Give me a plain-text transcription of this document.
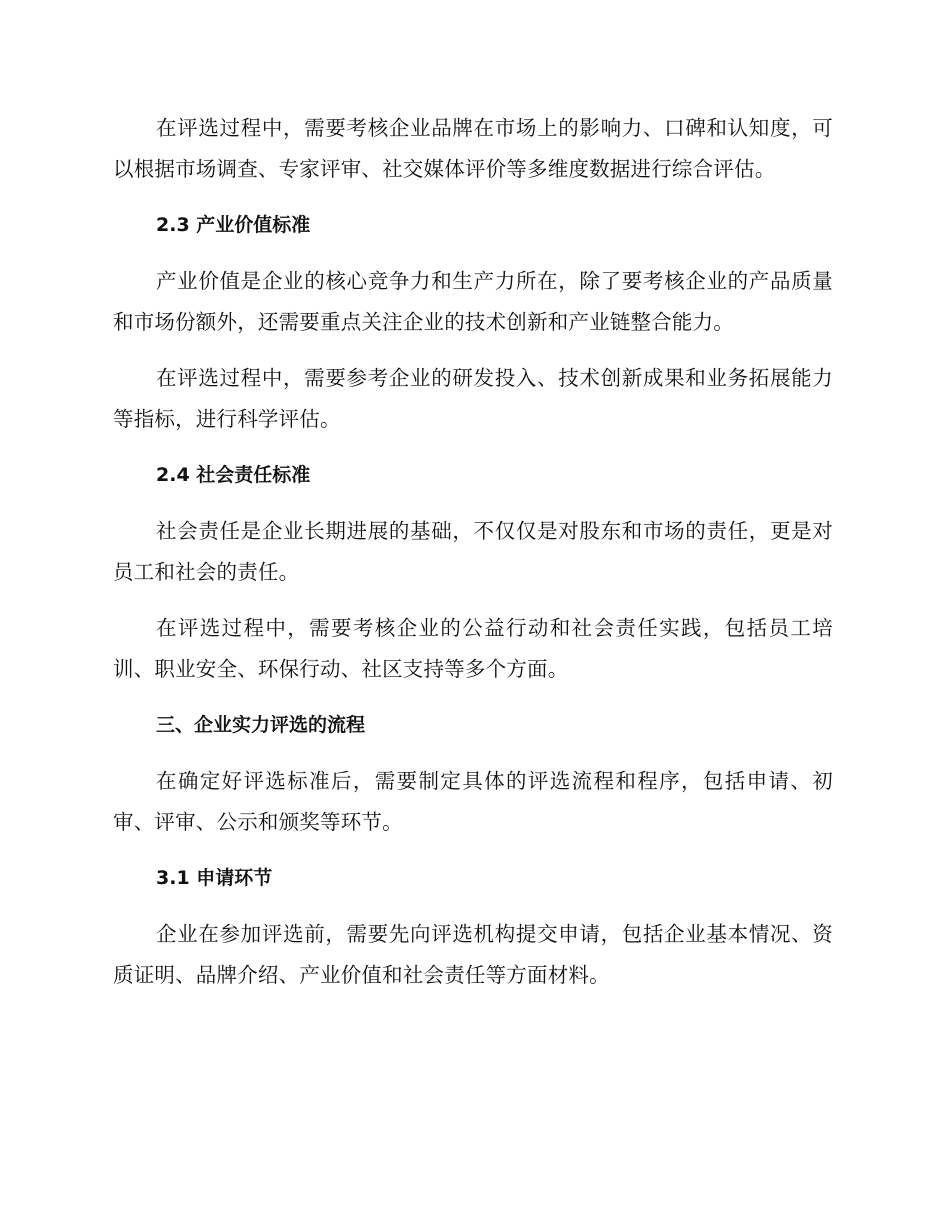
在评选过程中，需要考核企业品牌在市场上的影响力、口碑和认知度，可以根据市场调查、专家评审、社交媒体评价等多维度数据进行综合评估。

2.3 产业价值标准

产业价值是企业的核心竞争力和生产力所在，除了要考核企业的产品质量和市场份额外，还需要重点关注企业的技术创新和产业链整合能力。

在评选过程中，需要参考企业的研发投入、技术创新成果和业务拓展能力等指标，进行科学评估。

2.4 社会责任标准

社会责任是企业长期进展的基础，不仅仅是对股东和市场的责任，更是对员工和社会的责任。

在评选过程中，需要考核企业的公益行动和社会责任实践，包括员工培训、职业安全、环保行动、社区支持等多个方面。

三、企业实力评选的流程

在确定好评选标准后，需要制定具体的评选流程和程序，包括申请、初审、评审、公示和颁奖等环节。

3.1 申请环节

企业在参加评选前，需要先向评选机构提交申请，包括企业基本情况、资质证明、品牌介绍、产业价值和社会责任等方面材料。
